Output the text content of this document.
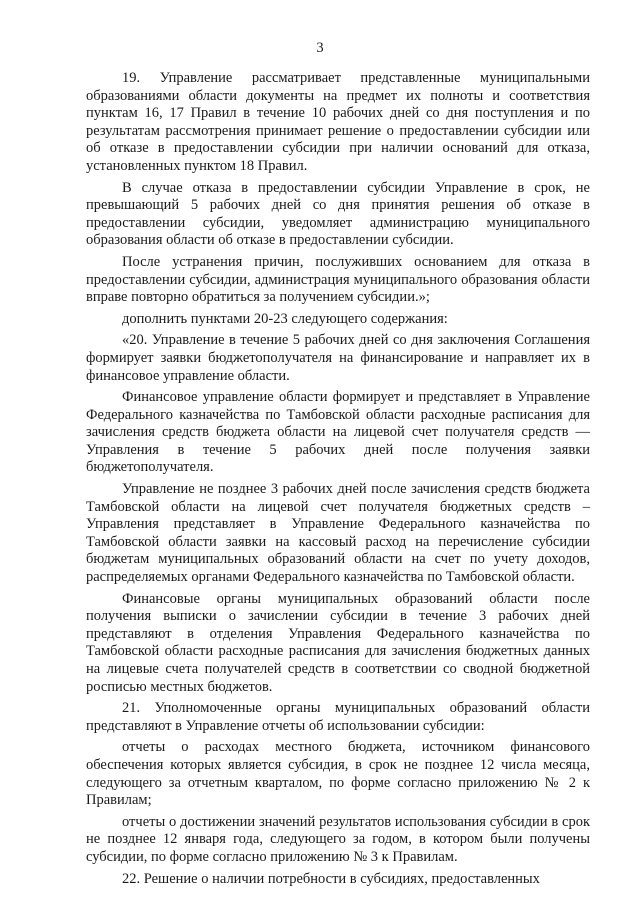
3

19. Управление рассматривает представленные муниципальными образованиями области документы на предмет их полноты и соответствия пунктам 16, 17 Правил в течение 10 рабочих дней со дня поступления и по результатам рассмотрения принимает решение о предоставлении субсидии или об отказе в предоставлении субсидии при наличии оснований для отказа, установленных пунктом 18 Правил.

В случае отказа в предоставлении субсидии Управление в срок, не превышающий 5 рабочих дней со дня принятия решения об отказе в предоставлении субсидии, уведомляет администрацию муниципального образования области об отказе в предоставлении субсидии.

После устранения причин, послуживших основанием для отказа в предоставлении субсидии, администрация муниципального образования области вправе повторно обратиться за получением субсидии.»;

дополнить пунктами 20-23 следующего содержания:

«20. Управление в течение 5 рабочих дней со дня заключения Соглашения формирует заявки бюджетополучателя на финансирование и направляет их в финансовое управление области.

Финансовое управление области формирует и представляет в Управление Федерального казначейства по Тамбовской области расходные расписания для зачисления средств бюджета области на лицевой счет получателя средств — Управления в течение 5 рабочих дней после получения заявки бюджетополучателя.

Управление не позднее 3 рабочих дней после зачисления средств бюджета Тамбовской области на лицевой счет получателя бюджетных средств – Управления представляет в Управление Федерального казначейства по Тамбовской области заявки на кассовый расход на перечисление субсидии бюджетам муниципальных образований области на счет по учету доходов, распределяемых органами Федерального казначейства по Тамбовской области.

Финансовые органы муниципальных образований области после получения выписки о зачислении субсидии в течение 3 рабочих дней представляют в отделения Управления Федерального казначейства по Тамбовской области расходные расписания для зачисления бюджетных данных на лицевые счета получателей средств в соответствии со сводной бюджетной росписью местных бюджетов.

21. Уполномоченные органы муниципальных образований области представляют в Управление отчеты об использовании субсидии:

отчеты о расходах местного бюджета, источником финансового обеспечения которых является субсидия, в срок не позднее 12 числа месяца, следующего за отчетным кварталом, по форме согласно приложению № 2 к Правилам;

отчеты о достижении значений результатов использования субсидии в срок не позднее 12 января года, следующего за годом, в котором были получены субсидии, по форме согласно приложению № 3 к Правилам.

22. Решение о наличии потребности в субсидиях, предоставленных
